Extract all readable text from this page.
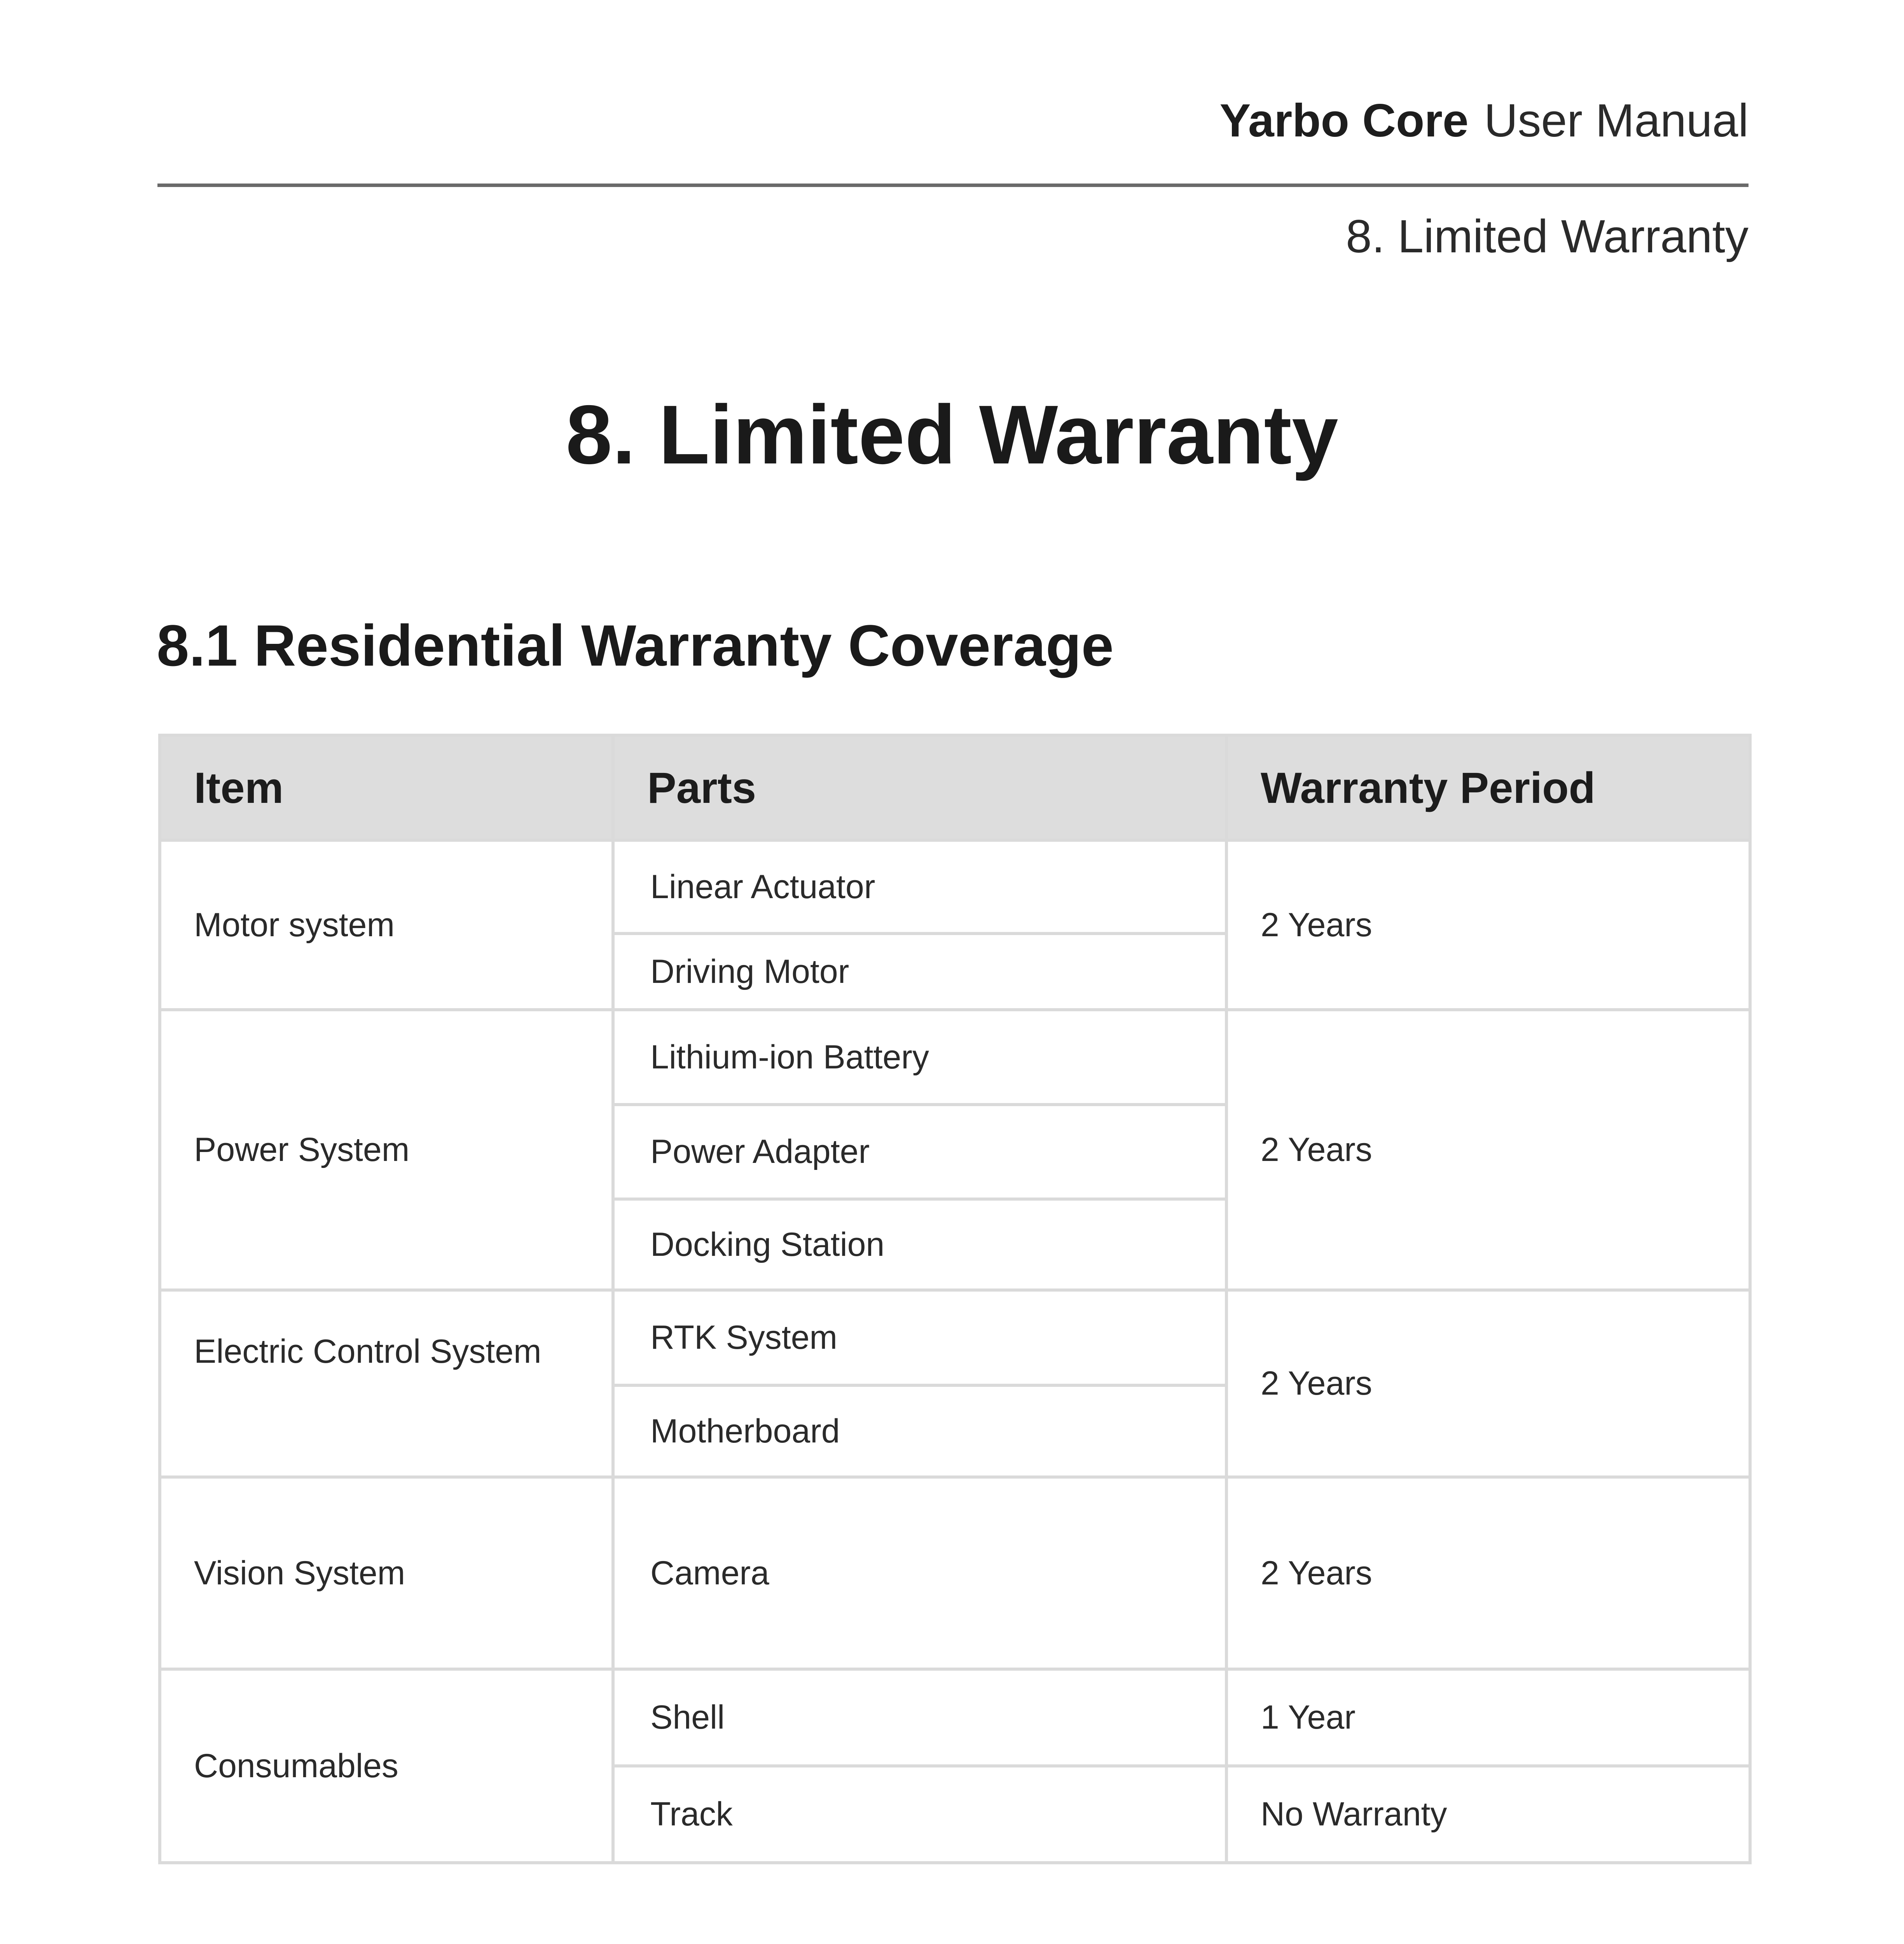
Yarbo Core User Manual
8. Limited Warranty
8. Limited Warranty
8.1 Residential Warranty Coverage
Item	Parts	Warranty Period
Motor system	Linear Actuator	2 Years
	Driving Motor	
Power System	Lithium-ion Battery	2 Years
	Power Adapter	
	Docking Station	
Electric Control System	RTK System	2 Years
	Motherboard	
Vision System	Camera	2 Years
Consumables	Shell	1 Year
	Track	No Warranty
